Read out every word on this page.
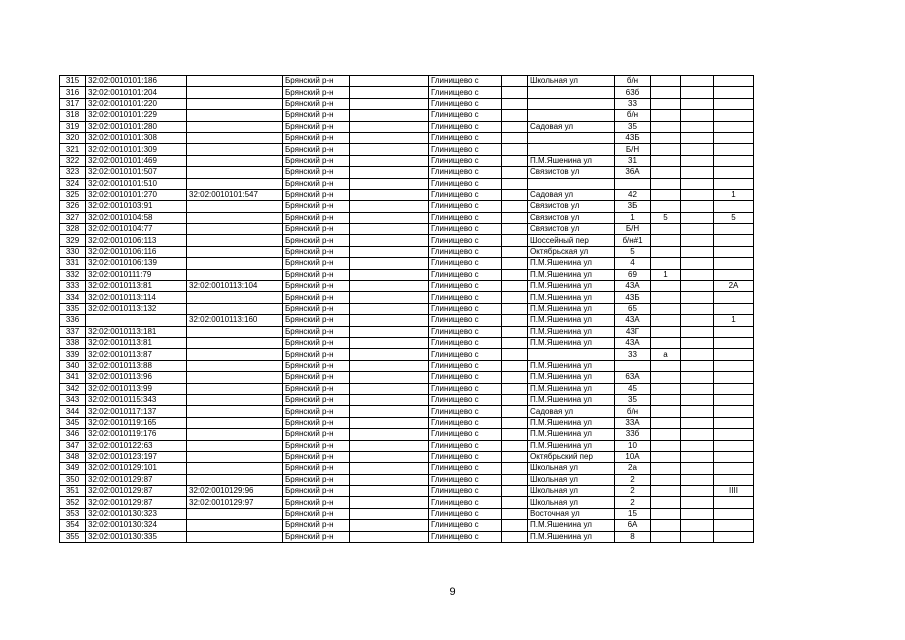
315	32:02:0010101:186		Брянский р-н		Глинищево с		Школьная ул	б/н			
316	32:02:0010101:204		Брянский р-н		Глинищево с			63б			
317	32:02:0010101:220		Брянский р-н		Глинищево с			33			
318	32:02:0010101:229		Брянский р-н		Глинищево с			б/н			
319	32:02:0010101:280		Брянский р-н		Глинищево с		Садовая ул	35			
320	32:02:0010101:308		Брянский р-н		Глинищево с			43Б			
321	32:02:0010101:309		Брянский р-н		Глинищево с			Б/Н			
322	32:02:0010101:469		Брянский р-н		Глинищево с		П.М.Яшенина ул	31			
323	32:02:0010101:507		Брянский р-н		Глинищево с		Связистов ул	36А			
324	32:02:0010101:510		Брянский р-н		Глинищево с						
325	32:02:0010101:270	32:02:0010101:547	Брянский р-н		Глинищево с		Садовая ул	42			1
326	32:02:0010103:91		Брянский р-н		Глинищево с		Связистов ул	3Б			
327	32:02:0010104:58		Брянский р-н		Глинищево с		Связистов ул	1	5		5
328	32:02:0010104:77		Брянский р-н		Глинищево с		Связистов ул	Б/Н			
329	32:02:0010106:113		Брянский р-н		Глинищево с		Шоссейный пер	б/н#1			
330	32:02:0010106:116		Брянский р-н		Глинищево с		Октябрьская ул	5			
331	32:02:0010106:139		Брянский р-н		Глинищево с		П.М.Яшенина ул	4			
332	32:02:0010111:79		Брянский р-н		Глинищево с		П.М.Яшенина ул	69	1		
333	32:02:0010113:81	32:02:0010113:104	Брянский р-н		Глинищево с		П.М.Яшенина ул	43А			2А
334	32:02:0010113:114		Брянский р-н		Глинищево с		П.М.Яшенина ул	43Б			
335	32:02:0010113:132		Брянский р-н		Глинищево с		П.М.Яшенина ул	65			
336		32:02:0010113:160	Брянский р-н		Глинищево с		П.М.Яшенина ул	43А			1
337	32:02:0010113:181		Брянский р-н		Глинищево с		П.М.Яшенина ул	43Г			
338	32:02:0010113:81		Брянский р-н		Глинищево с		П.М.Яшенина ул	43А			
339	32:02:0010113:87		Брянский р-н		Глинищево с			33	а		
340	32:02:0010113:88		Брянский р-н		Глинищево с		П.М.Яшенина ул				
341	32:02:0010113:96		Брянский р-н		Глинищево с		П.М.Яшенина ул	63А			
342	32:02:0010113:99		Брянский р-н		Глинищево с		П.М.Яшенина ул	45			
343	32:02:0010115:343		Брянский р-н		Глинищево с		П.М.Яшенина ул	35			
344	32:02:0010117:137		Брянский р-н		Глинищево с		Садовая ул	б/н			
345	32:02:0010119:165		Брянский р-н		Глинищево с		П.М.Яшенина ул	33А			
346	32:02:0010119:176		Брянский р-н		Глинищево с		П.М.Яшенина ул	33б			
347	32:02:0010122:63		Брянский р-н		Глинищево с		П.М.Яшенина ул	10			
348	32:02:0010123:197		Брянский р-н		Глинищево с		Октябрьский пер	10А			
349	32:02:0010129:101		Брянский р-н		Глинищево с		Школьная ул	2а			
350	32:02:0010129:87		Брянский р-н		Глинищево с		Школьная ул	2			
351	32:02:0010129:87	32:02:0010129:96	Брянский р-н		Глинищево с		Школьная ул	2			IIII
352	32:02:0010129:87	32:02:0010129:97	Брянский р-н		Глинищево с		Школьная ул	2			
353	32:02:0010130:323		Брянский р-н		Глинищево с		Восточная ул	15			
354	32:02:0010130:324		Брянский р-н		Глинищево с		П.М.Яшенина ул	6А			
355	32:02:0010130:335		Брянский р-н		Глинищево с		П.М.Яшенина ул	8			
9
